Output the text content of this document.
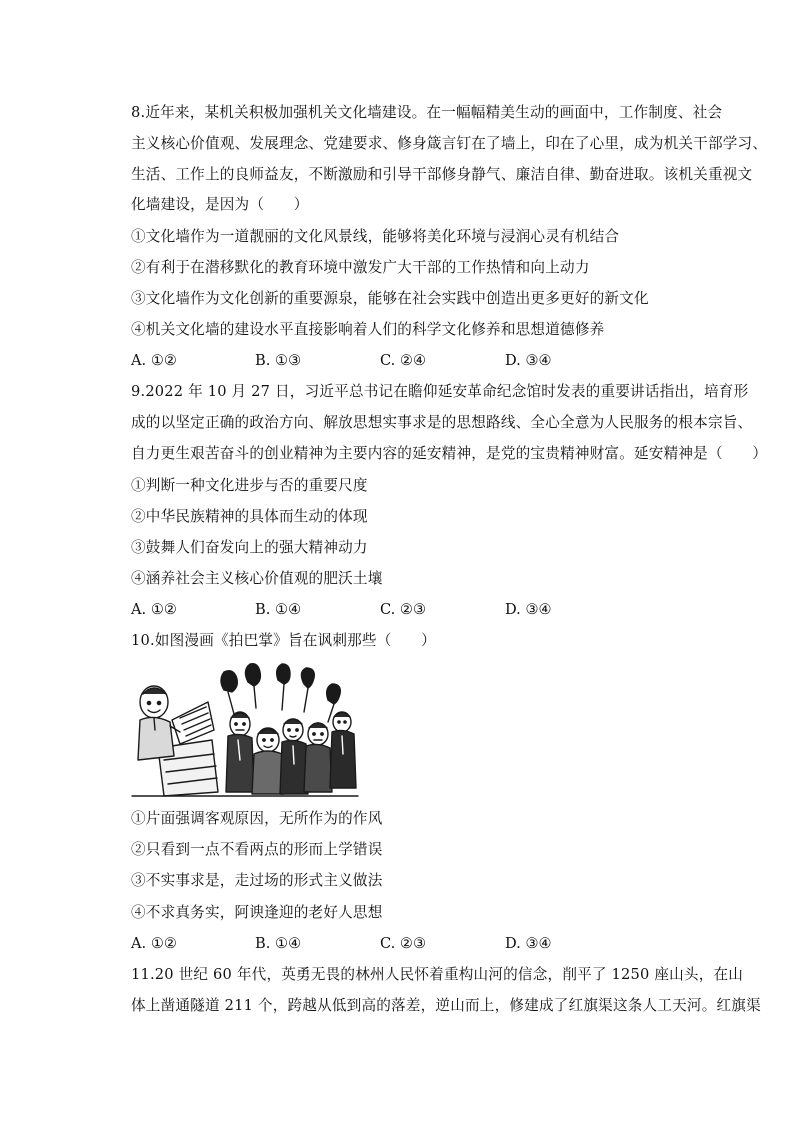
8.近年来，某机关积极加强机关文化墙建设。在一幅幅精美生动的画面中，工作制度、社会
主义核心价值观、发展理念、党建要求、修身箴言钉在了墙上，印在了心里，成为机关干部学习、
生活、工作上的良师益友，不断激励和引导干部修身静气、廉洁自律、勤奋进取。该机关重视文
化墙建设，是因为（　　）
①文化墙作为一道靓丽的文化风景线，能够将美化环境与浸润心灵有机结合
②有利于在潜移默化的教育环境中激发广大干部的工作热情和向上动力
③文化墙作为文化创新的重要源泉，能够在社会实践中创造出更多更好的新文化
④机关文化墙的建设水平直接影响着人们的科学文化修养和思想道德修养
A. ①②	B. ①③	C. ②④	D. ③④
9.2022 年 10 月 27 日，习近平总书记在瞻仰延安革命纪念馆时发表的重要讲话指出，培育形
成的以坚定正确的政治方向、解放思想实事求是的思想路线、全心全意为人民服务的根本宗旨、
自力更生艰苦奋斗的创业精神为主要内容的延安精神，是党的宝贵精神财富。延安精神是（　　）
①判断一种文化进步与否的重要尺度
②中华民族精神的具体而生动的体现
③鼓舞人们奋发向上的强大精神动力
④涵养社会主义核心价值观的肥沃土壤
A. ①②	B. ①④	C. ②③	D. ③④
10.如图漫画《拍巴掌》旨在讽刺那些（　　）
①片面强调客观原因，无所作为的作风
②只看到一点不看两点的形而上学错误
③不实事求是，走过场的形式主义做法
④不求真务实，阿谀逢迎的老好人思想
A. ①②	B. ①④	C. ②③	D. ③④
11.20 世纪 60 年代，英勇无畏的林州人民怀着重构山河的信念，削平了 1250 座山头，在山
体上凿通隧道 211 个，跨越从低到高的落差，逆山而上，修建成了红旗渠这条人工天河。红旗渠
